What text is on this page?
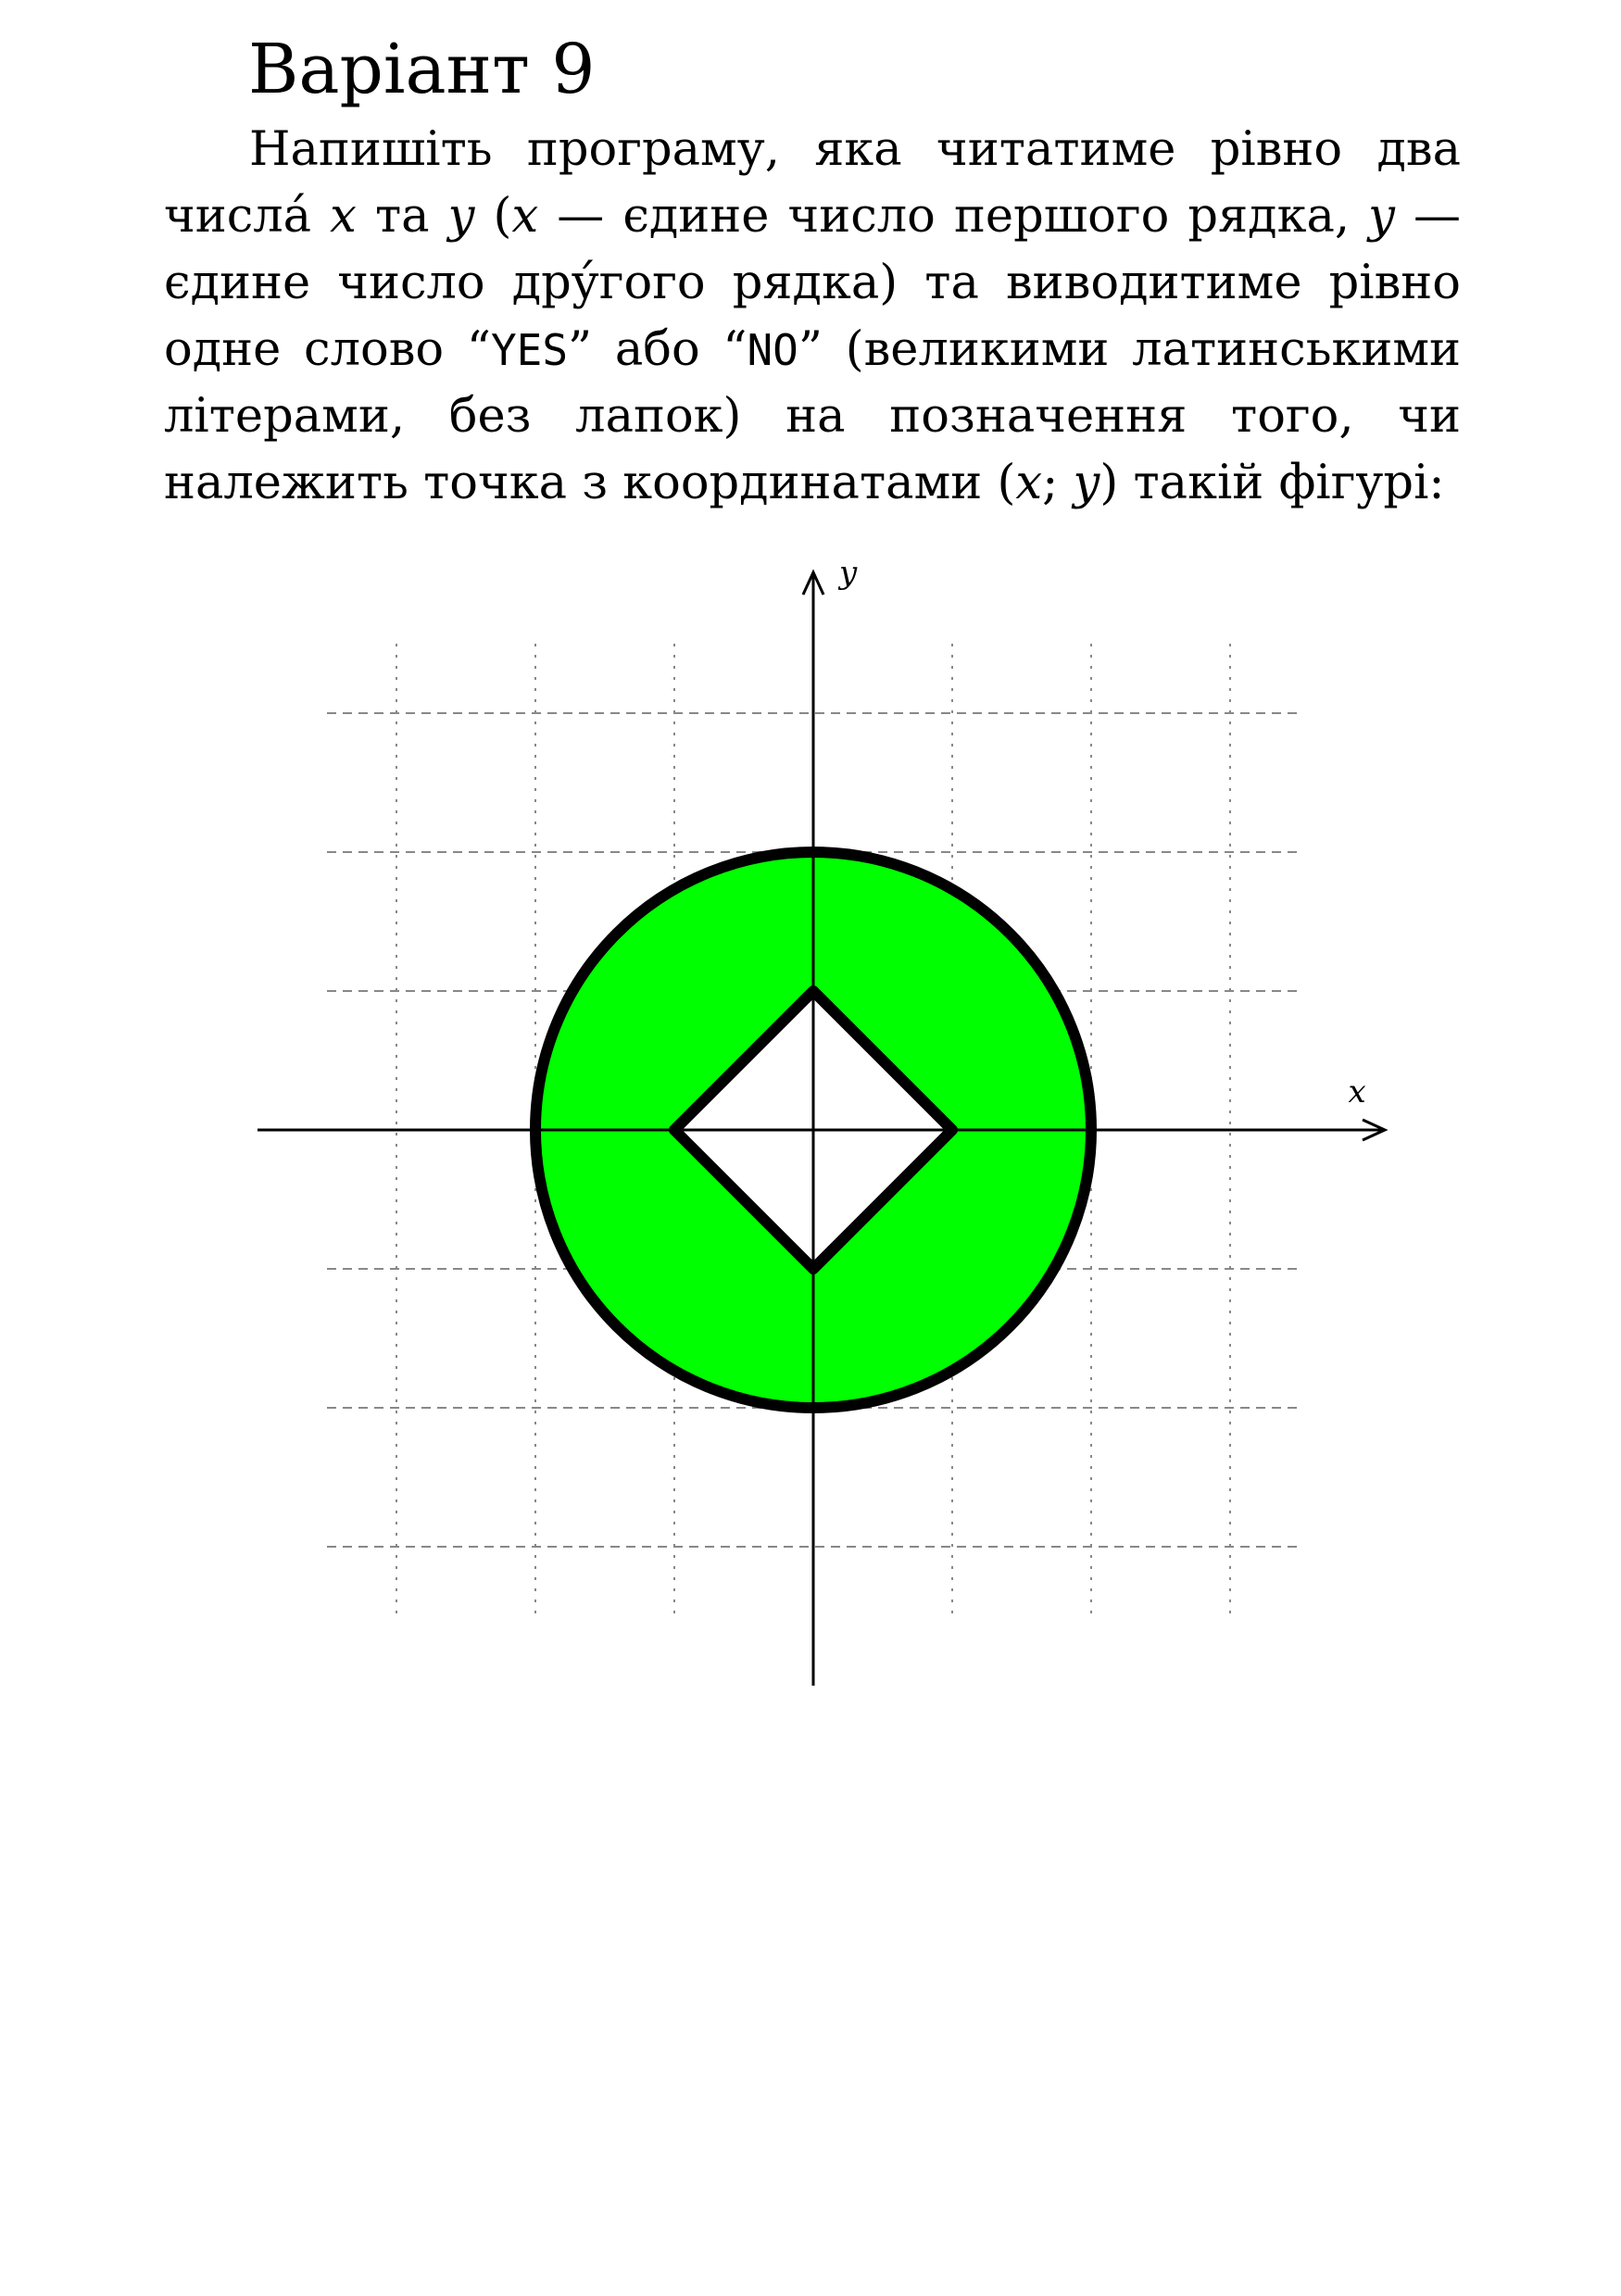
Варіант 9

Напишіть програму, яка читатиме рівно два числа́ x та y (x — єдине число першого рядка, y — єдине число дру́гого рядка) та виводитиме рівно одне слово “YES” або “NO” (великими латинськими літерами, без лапок) на позначення того, чи належить точка з координатами (x; y) такій фігурі:

x
y
